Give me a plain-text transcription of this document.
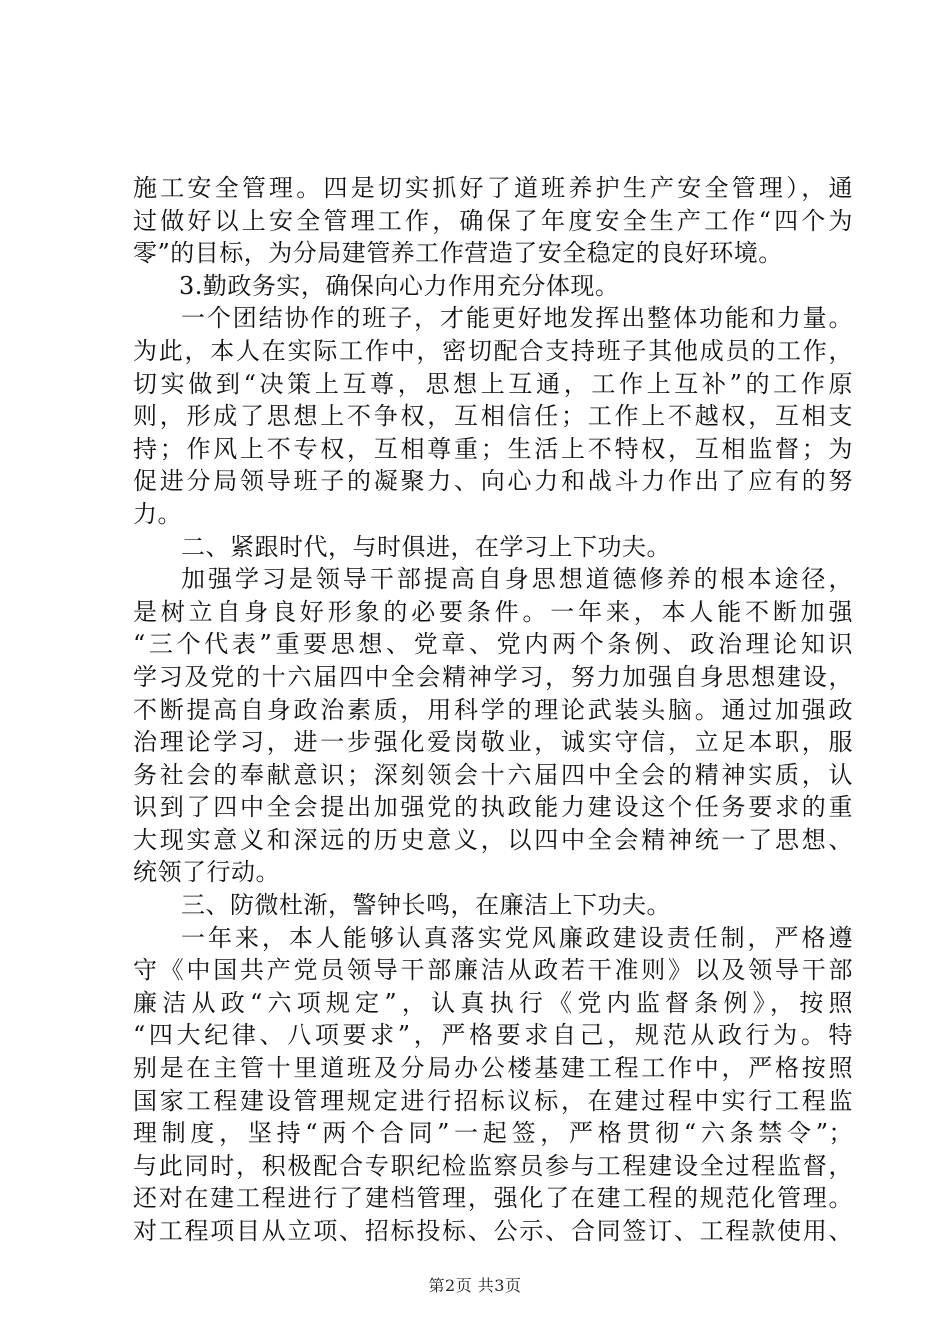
施工安全管理。四是切实抓好了道班养护生产安全管理），通
过做好以上安全管理工作，确保了年度安全生产工作“四个为
零”的目标，为分局建管养工作营造了安全稳定的良好环境。
3.勤政务实，确保向心力作用充分体现。
一个团结协作的班子，才能更好地发挥出整体功能和力量。
为此，本人在实际工作中，密切配合支持班子其他成员的工作，
切实做到“决策上互尊，思想上互通，工作上互补”的工作原
则，形成了思想上不争权，互相信任；工作上不越权，互相支
持；作风上不专权，互相尊重；生活上不特权，互相监督；为
促进分局领导班子的凝聚力、向心力和战斗力作出了应有的努
力。
二、紧跟时代，与时俱进，在学习上下功夫。
加强学习是领导干部提高自身思想道德修养的根本途径，
是树立自身良好形象的必要条件。一年来，本人能不断加强
“三个代表”重要思想、党章、党内两个条例、政治理论知识
学习及党的十六届四中全会精神学习，努力加强自身思想建设，
不断提高自身政治素质，用科学的理论武装头脑。通过加强政
治理论学习，进一步强化爱岗敬业，诚实守信，立足本职，服
务社会的奉献意识；深刻领会十六届四中全会的精神实质，认
识到了四中全会提出加强党的执政能力建设这个任务要求的重
大现实意义和深远的历史意义，以四中全会精神统一了思想、
统领了行动。
三、防微杜渐，警钟长鸣，在廉洁上下功夫。
一年来，本人能够认真落实党风廉政建设责任制，严格遵
守《中国共产党员领导干部廉洁从政若干准则》以及领导干部
廉洁从政“六项规定”，认真执行《党内监督条例》，按照
“四大纪律、八项要求”，严格要求自己，规范从政行为。特
别是在主管十里道班及分局办公楼基建工程工作中，严格按照
国家工程建设管理规定进行招标议标，在建过程中实行工程监
理制度，坚持“两个合同”一起签，严格贯彻“六条禁令”；
与此同时，积极配合专职纪检监察员参与工程建设全过程监督，
还对在建工程进行了建档管理，强化了在建工程的规范化管理。
对工程项目从立项、招标投标、公示、合同签订、工程款使用、
第2页 共3页
